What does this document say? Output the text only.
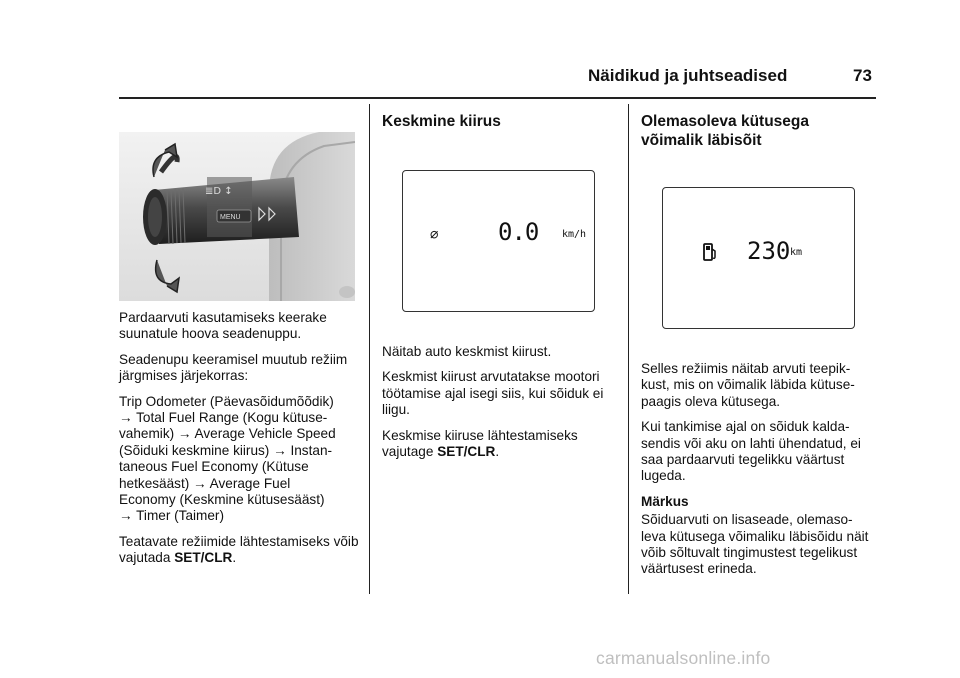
Näidikud ja juhtseadised	73
MENU
≣D ↕

Pardaarvuti kasutamiseks keerake suunatule hoova seadenuppu.

Seadenupu keeramisel muutub režiim järgmises järjekorras:

Trip Odometer (Päevasõidumõõdik)
→ Total Fuel Range (Kogu kütuse-
vahemik) → Average Vehicle Speed
(Sõiduki keskmine kiirus) → Instan-
taneous Fuel Economy (Kütuse
hetkesääst) → Average Fuel
Economy (Keskmine kütusesääst)
→ Timer (Taimer)

Teatavate režiimide lähtestamiseks võib vajutada SET/CLR.

Keskmine kiirus
⌀ 0.0 km/h

Näitab auto keskmist kiirust.

Keskmist kiirust arvutatakse mootori töötamise ajal isegi siis, kui sõiduk ei liigu.

Keskmise kiiruse lähtestamiseks vajutage SET/CLR.

Olemasoleva kütusega võimalik läbisõit
230 km

Selles režiimis näitab arvuti teepik-kust, mis on võimalik läbida kütuse-paagis oleva kütusega.

Kui tankimise ajal on sõiduk kalda-sendis või aku on lahti ühendatud, ei saa pardaarvuti tegelikku väärtust lugeda.

Märkus

Sõiduarvuti on lisaseade, olemaso-leva kütusega võimaliku läbisõidu näit võib sõltuvalt tingimustest tegelikust väärtusest erineda.

carmanualsonline.info
